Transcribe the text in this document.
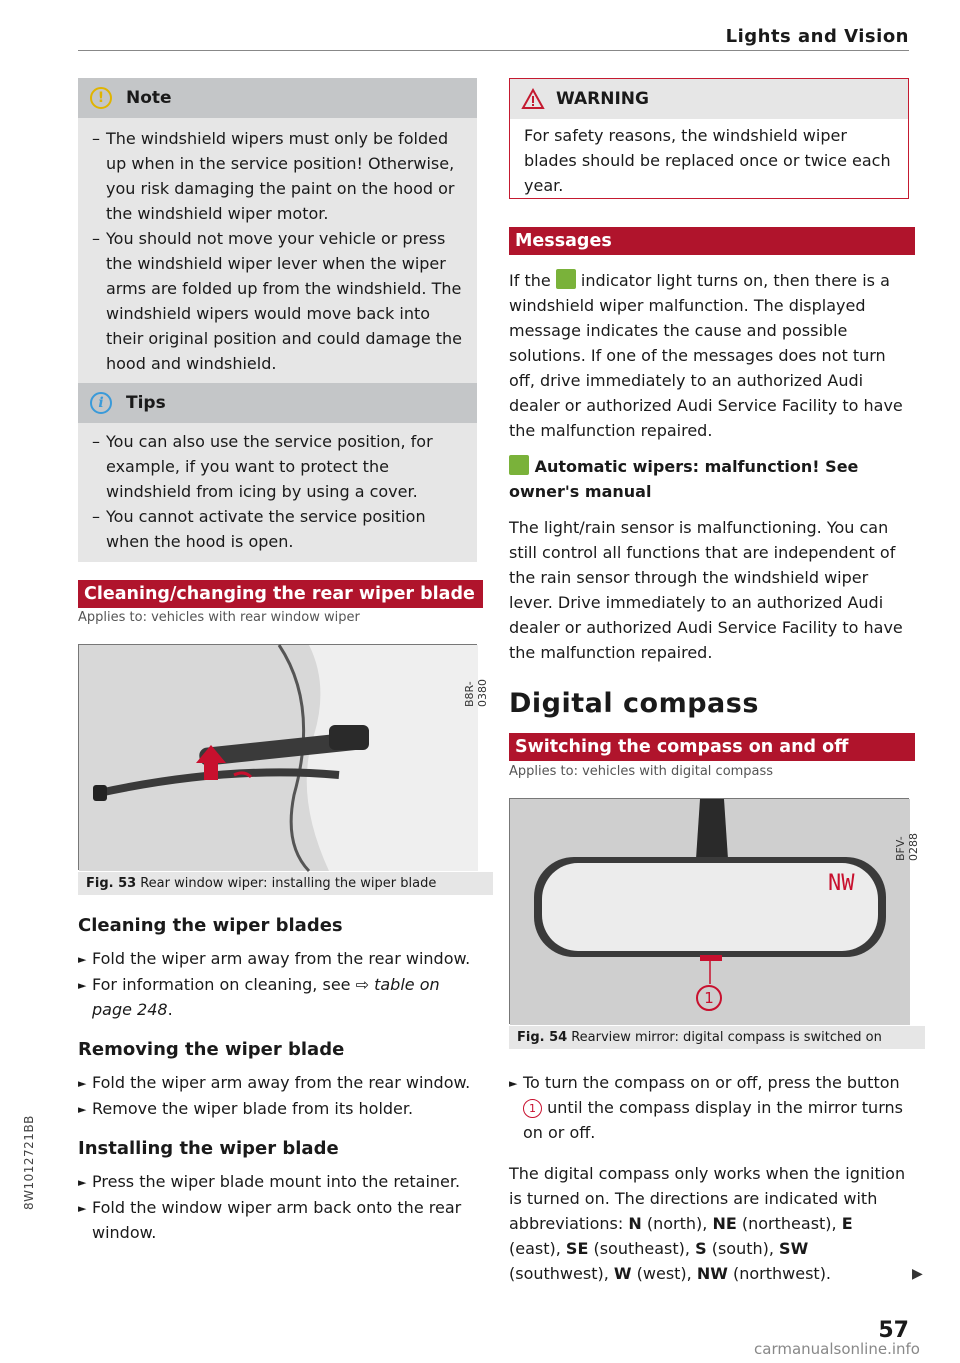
Lights and Vision
!	Note
– The windshield wipers must only be folded up when in the service position! Otherwise, you risk damaging the paint on the hood or the windshield wiper motor.
– You should not move your vehicle or press the windshield wiper lever when the wiper arms are folded up from the windshield. The windshield wipers would move back into their original position and could damage the hood and windshield.
i	Tips
– You can also use the service position, for example, if you want to protect the windshield from icing by using a cover.
– You cannot activate the service position when the hood is open.
Cleaning/changing the rear wiper blade
Applies to: vehicles with rear window wiper
B8R-0380
Fig. 53 Rear window wiper: installing the wiper blade
Cleaning the wiper blades
► Fold the wiper arm away from the rear window.
► For information on cleaning, see ⇨ table on page 248.
Removing the wiper blade
► Fold the wiper arm away from the rear window.
► Remove the wiper blade from its holder.
Installing the wiper blade
► Press the wiper blade mount into the retainer.
► Fold the window wiper arm back onto the rear window.
WARNING
For safety reasons, the windshield wiper blades should be replaced once or twice each year.
Messages
If the indicator light turns on, then there is a windshield wiper malfunction. The displayed message indicates the cause and possible solutions. If one of the messages does not turn off, drive immediately to an authorized Audi dealer or authorized Audi Service Facility to have the malfunction repaired.
Automatic wipers: malfunction! See owner's manual
The light/rain sensor is malfunctioning. You can still control all functions that are independent of the rain sensor through the windshield wiper lever. Drive immediately to an authorized Audi dealer or authorized Audi Service Facility to have the malfunction repaired.
Digital compass
Switching the compass on and off
Applies to: vehicles with digital compass
NW
1
BFV-0288
Fig. 54 Rearview mirror: digital compass is switched on
► To turn the compass on or off, press the button 1 until the compass display in the mirror turns on or off.
The digital compass only works when the ignition is turned on. The directions are indicated with abbreviations: N (north), NE (northeast), E (east), SE (southeast), S (south), SW (southwest), W (west), NW (northwest).	▶
8W1012721BB
57
carmanualsonline.info
